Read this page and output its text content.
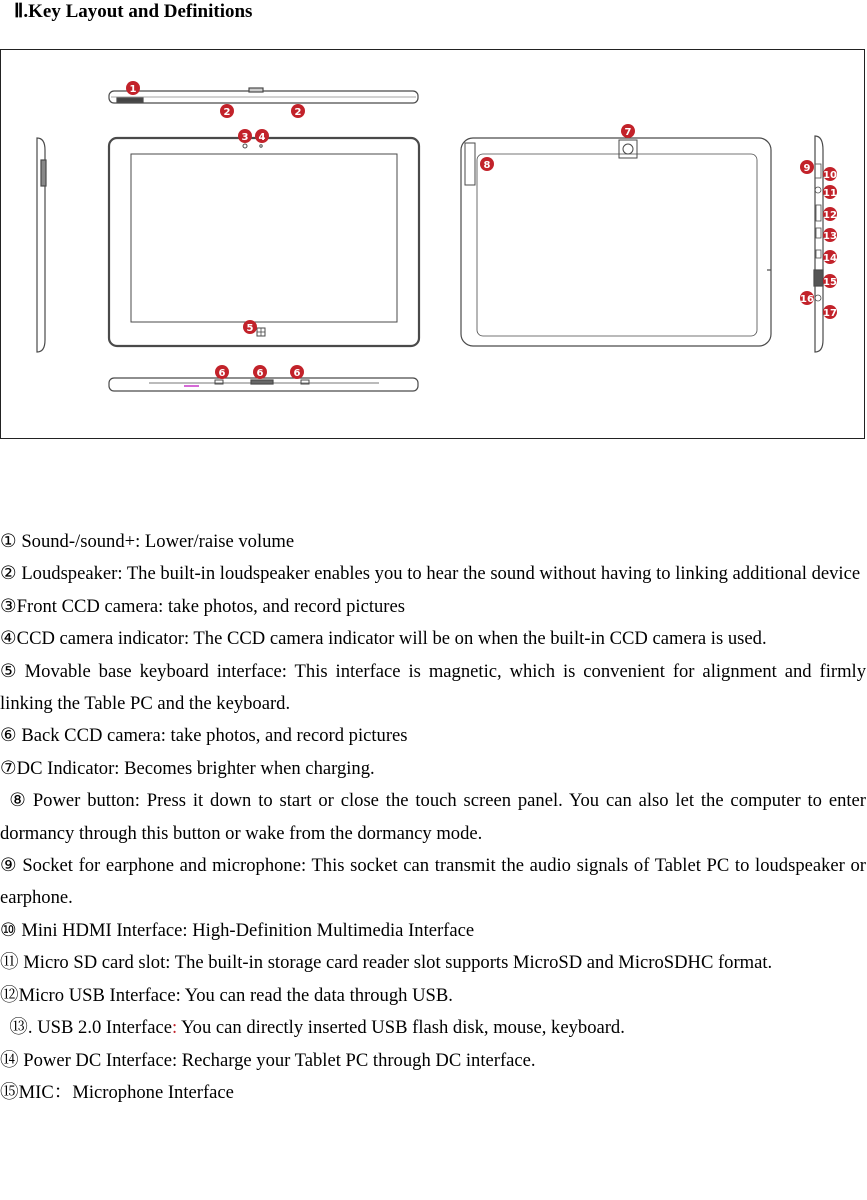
Ⅱ.Key Layout and Definitions
1
2	2
3 4
5
6	6	6
7
8	9
10
11
12
13
14
15
16
17

① Sound-/sound+: Lower/raise volume

② Loudspeaker: The built-in loudspeaker enables you to hear the sound without having to linking additional device

③Front CCD camera: take photos, and record pictures

④CCD camera indicator: The CCD camera indicator will be on when the built-in CCD camera is used.

⑤ Movable base keyboard interface: This interface is magnetic, which is convenient for alignment and firmly linking the Table PC and the keyboard.

⑥ Back CCD camera: take photos, and record pictures

⑦DC Indicator: Becomes brighter when charging.

⑧ Power button: Press it down to start or close the touch screen panel. You can also let the computer to enter dormancy through this button or wake from the dormancy mode.

⑨ Socket for earphone and microphone: This socket can transmit the audio signals of Tablet PC to loudspeaker or earphone.

⑩ Mini HDMI Interface: High-Definition Multimedia Interface

⑪ Micro SD card slot: The built-in storage card reader slot supports MicroSD and MicroSDHC format.

⑫Micro USB Interface: You can read the data through USB.

⑬. USB 2.0 Interface: You can directly inserted USB flash disk, mouse, keyboard.

⑭ Power DC Interface: Recharge your Tablet PC through DC interface.

⑮MIC：Microphone Interface
